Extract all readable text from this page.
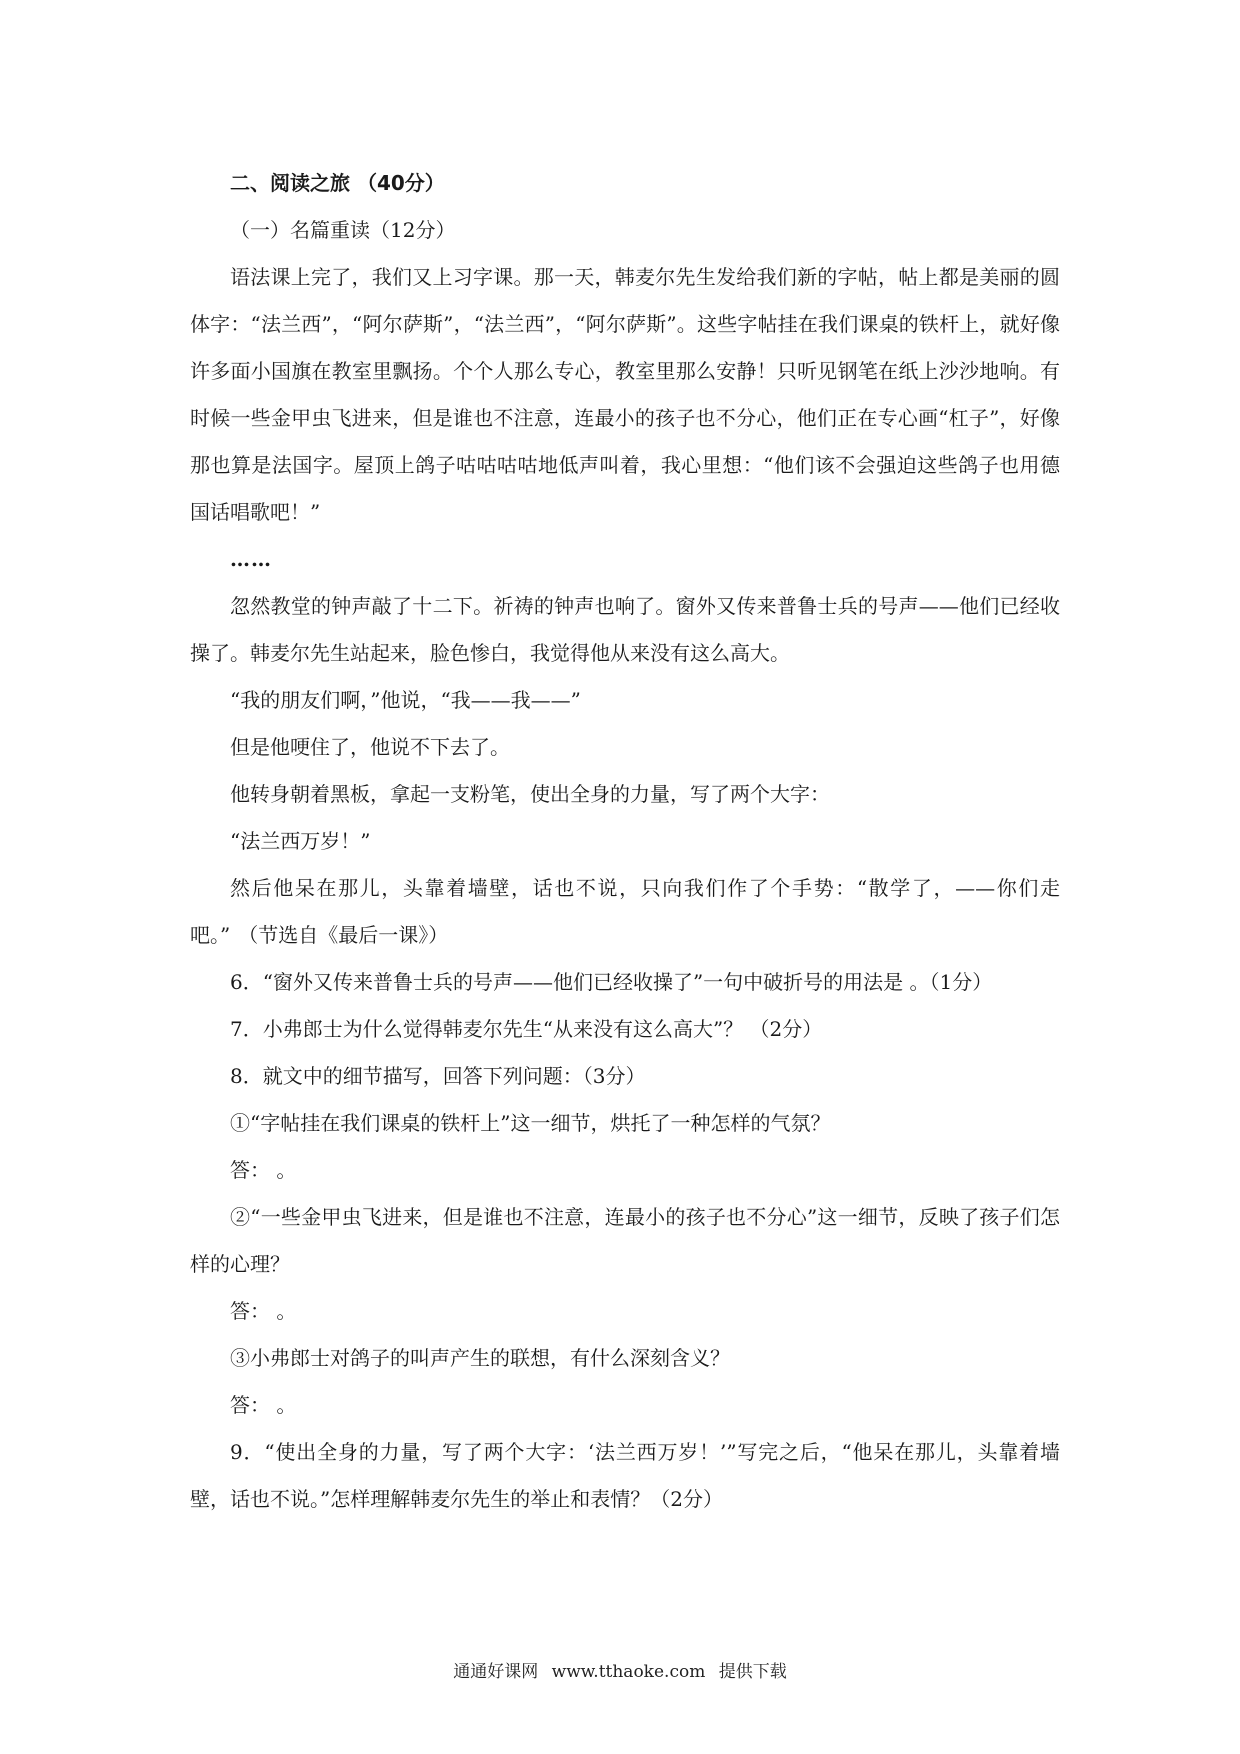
二、阅读之旅 （40分）

（一）名篇重读（12分）

语法课上完了，我们又上习字课。那一天，韩麦尔先生发给我们新的字帖，帖上都是美丽的圆体字：“法兰西”，“阿尔萨斯”，“法兰西”，“阿尔萨斯”。这些字帖挂在我们课桌的铁杆上，就好像许多面小国旗在教室里飘扬。个个人那么专心，教室里那么安静！只听见钢笔在纸上沙沙地响。有时候一些金甲虫飞进来，但是谁也不注意，连最小的孩子也不分心，他们正在专心画“杠子”，好像那也算是法国字。屋顶上鸽子咕咕咕咕地低声叫着，我心里想：“他们该不会强迫这些鸽子也用德国话唱歌吧！”

……

忽然教堂的钟声敲了十二下。祈祷的钟声也响了。窗外又传来普鲁士兵的号声——他们已经收操了。韩麦尔先生站起来，脸色惨白，我觉得他从来没有这么高大。

“我的朋友们啊，”他说，“我——我——”

但是他哽住了，他说不下去了。

他转身朝着黑板，拿起一支粉笔，使出全身的力量，写了两个大字：

“法兰西万岁！”

然后他呆在那儿，头靠着墙壁，话也不说，只向我们作了个手势：“散学了，——你们走吧。” （节选自《最后一课》）

6．“窗外又传来普鲁士兵的号声——他们已经收操了”一句中破折号的用法是 。（1分）

7．小弗郎士为什么觉得韩麦尔先生“从来没有这么高大”？ （2分）

8．就文中的细节描写，回答下列问题：（3分）

①“字帖挂在我们课桌的铁杆上”这一细节，烘托了一种怎样的气氛？

答： 。

②“一些金甲虫飞进来，但是谁也不注意，连最小的孩子也不分心”这一细节，反映了孩子们怎样的心理？

答： 。

③小弗郎士对鸽子的叫声产生的联想，有什么深刻含义？

答： 。

9．“使出全身的力量，写了两个大字：‘法兰西万岁！’”写完之后，“他呆在那儿，头靠着墙壁，话也不说。”怎样理解韩麦尔先生的举止和表情？（2分）

通通好课网 www.tthaoke.com 提供下载
